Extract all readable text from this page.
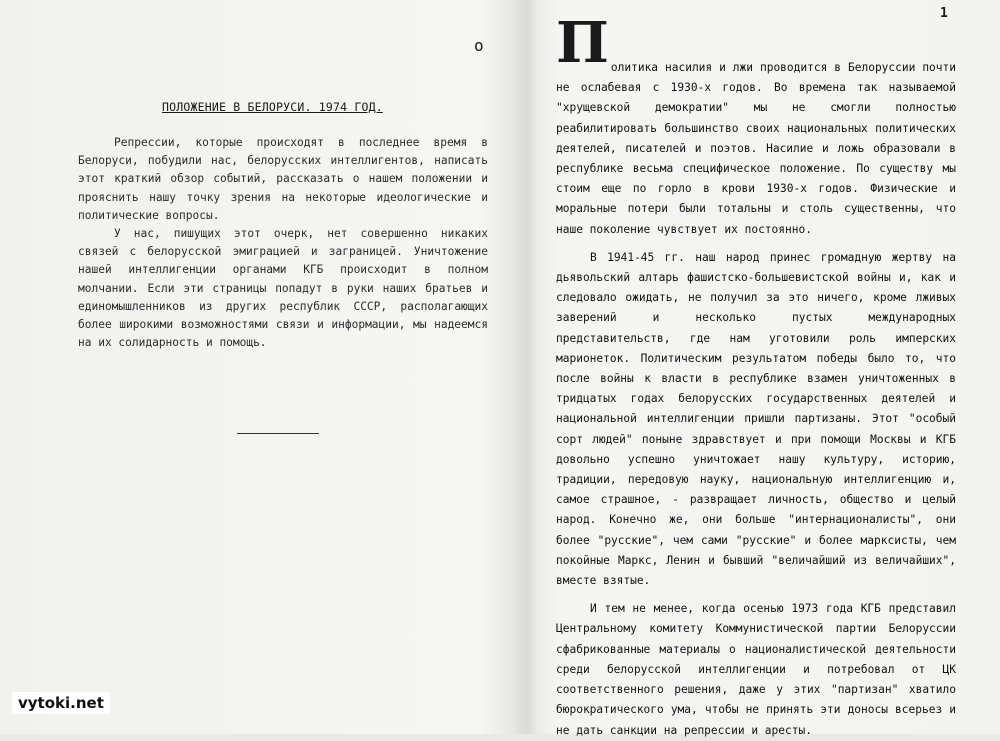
1
o
ПОЛОЖЕНИЕ В БЕЛОРУСИ. 1974 ГОД.

Репрессии, которые происходят в последнее время в Белоруси, побудили нас, белорусских интеллигентов, написать этот краткий обзор событий, рассказать о нашем положении и прояснить нашу точку зрения на некоторые идеологические и политические вопросы.

У нас, пишущих этот очерк, нет совершенно никаких связей с белорусской эмиграцией и заграницей. Уничтожение нашей интеллигенции органами КГБ происходит в полном молчании. Если эти страницы попадут в руки наших братьев и единомышленников из других республик СССР, располагающих более широкими возможностями связи и информации, мы надеемся на их солидарность и помощь.

П олитика насилия и лжи проводится в Белоруссии почти не ослабевая с 1930-х годов. Во времена так называемой "хрущевской демократии" мы не смогли полностью реабилитировать большинство своих национальных политических деятелей, писателей и поэтов. Насилие и ложь образовали в республике весьма специфическое положение. По существу мы стоим еще по горло в крови 1930-х годов. Физические и моральные потери были тотальны и столь существенны, что наше поколение чувствует их постоянно.

В 1941-45 гг. наш народ принес громадную жертву на дьявольский алтарь фашистско-большевистской войны и, как и следовало ожидать, не получил за это ничего, кроме лживых заверений и несколько пустых международных представительств, где нам уготовили роль имперских марионеток. Политическим результатом победы было то, что после войны к власти в республике взамен уничтоженных в тридцатых годах белорусских государственных деятелей и национальной интеллигенции пришли партизаны. Этот "особый сорт людей" поныне здравствует и при помощи Москвы и КГБ довольно успешно уничтожает нашу культуру, историю, традиции, передовую науку, национальную интеллигенцию и, самое страшное, - развращает личность, общество и целый народ. Конечно же, они больше "интернационалисты", они более "русские", чем сами "русские" и более марксисты, чем покойные Маркс, Ленин и бывший "величайший из величайших", вместе взятые.

И тем не менее, когда осенью 1973 года КГБ представил Центральному комитету Коммунистической партии Белоруссии сфабрикованные материалы о националистической деятельности среди белорусской интеллигенции и потребовал от ЦК соответственного решения, даже у этих "партизан" хватило бюрократического ума, чтобы не принять эти доносы всерьез и не дать санкции на репрессии и аресты.

vytoki.net
